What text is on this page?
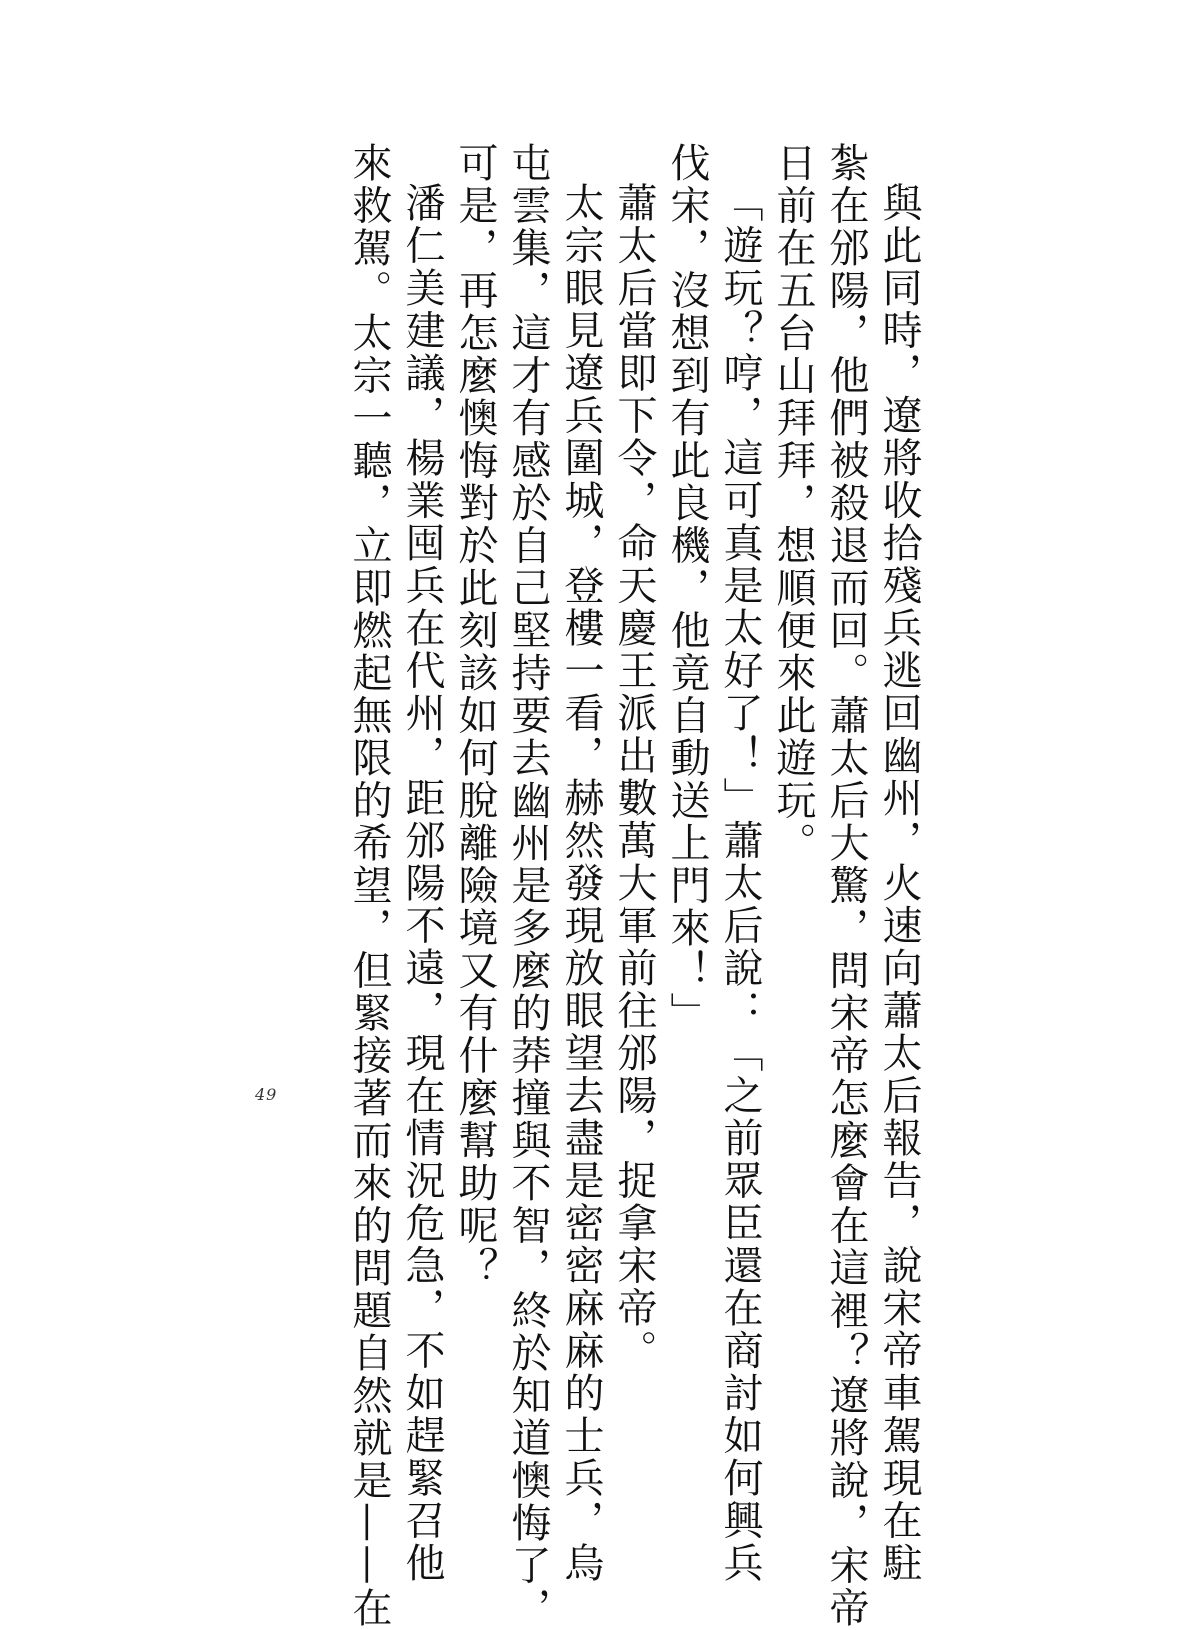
與此同時，遼將收拾殘兵逃回幽州，火速向蕭太后報告，說宋帝車駕現在駐

紮在邠陽，他們被殺退而回。蕭太后大驚，問宋帝怎麼會在這裡？遼將說，宋帝

日前在五台山拜拜，想順便來此遊玩。

「遊玩？哼，這可真是太好了！」蕭太后說：「之前眾臣還在商討如何興兵

伐宋，沒想到有此良機，他竟自動送上門來！」

蕭太后當即下令，命天慶王派出數萬大軍前往邠陽，捉拿宋帝。

太宗眼見遼兵圍城，登樓一看，赫然發現放眼望去盡是密密麻麻的士兵，烏

屯雲集，這才有感於自己堅持要去幽州是多麼的莽撞與不智，終於知道懊悔了，

可是，再怎麼懊悔對於此刻該如何脫離險境又有什麼幫助呢？

潘仁美建議，楊業囤兵在代州，距邠陽不遠，現在情況危急，不如趕緊召他

來救駕。太宗一聽，立即燃起無限的希望，但緊接著而來的問題自然就是——在

49
